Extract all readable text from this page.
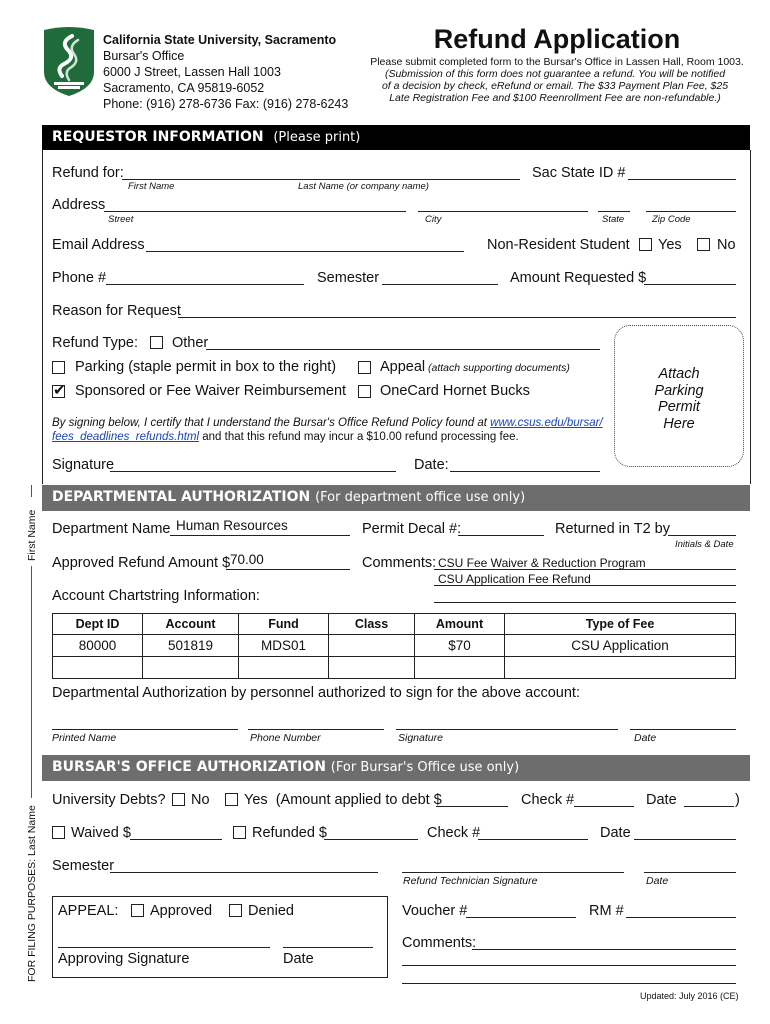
California State University, Sacramento
Bursar's Office
6000 J Street, Lassen Hall 1003
Sacramento, CA 95819-6052
Phone: (916) 278-6736 Fax: (916) 278-6243
Refund Application
Please submit completed form to the Bursar's Office in Lassen Hall, Room 1003.
(Submission of this form does not guarantee a refund. You will be notified of a decision by check, eRefund or email. The $33 Payment Plan Fee, $25 Late Registration Fee and $100 Reenrollment Fee are non-refundable.)
REQUESTOR INFORMATION (Please print)
Refund for:
First Name	Last Name (or company name)
Sac State ID #
Address
Street	City	State	Zip Code
Email Address	Non-Resident Student Yes No
Phone #	Semester	Amount Requested $
Reason for Request
Refund Type: Other
Parking (staple permit in box to the right)	Appeal (attach supporting documents)
✔
Sponsored or Fee Waiver Reimbursement OneCard Hornet Bucks
Attach
Parking
Permit
Here
By signing below, I certify that I understand the Bursar's Office Refund Policy found at www.csus.edu/bursar/
fees_deadlines_refunds.html and that this refund may incur a $10.00 refund processing fee.
Signature	Date:
DEPARTMENTAL AUTHORIZATION (For department office use only)
Department Name Human Resources	Permit Decal #:	Returned in T2 by
Initials & Date
Approved Refund Amount $ 70.00	Comments: CSU Fee Waiver & Reduction Program
CSU Application Fee Refund
Account Chartstring Information:
Dept ID	Account	Fund	Class	Amount	Type of Fee
80000	501819	MDS01		$70	CSU Application

Departmental Authorization by personnel authorized to sign for the above account:
Printed Name	Phone Number	Signature	Date
BURSAR'S OFFICE AUTHORIZATION (For Bursar's Office use only)
University Debts? No Yes  (Amount applied to debt $	Check #	Date	)
Waived $	Refunded $	Check #	Date
Semester
Refund Technician Signature	Date
APPEAL: Approved Denied
Approving Signature	Date
Voucher #	RM #
Comments:
First Name
FOR FILING PURPOSES: Last Name
Updated: July 2016 (CE)
